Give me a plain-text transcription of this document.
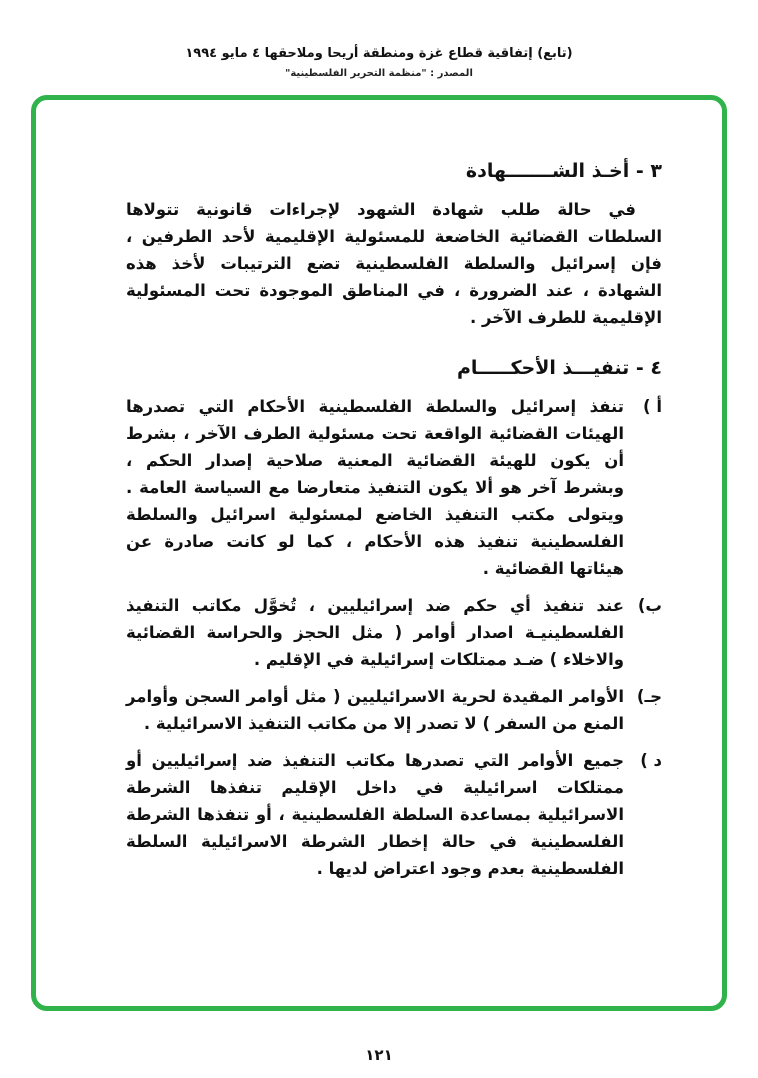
(تابع) إتفاقية قطاع غزة ومنطقة أريحا وملاحقها ٤ مايو ١٩٩٤
المصدر : "منظمة التحرير الفلسطينية"
٣ - أخـذ الشـــــــهادة

في حالة طلب شهادة الشهود لإجراءات قانونية تتولاها السلطات القضائية الخاضعة للمسئولية الإقليمية لأحد الطرفين ، فإن إسرائيل والسلطة الفلسطينية تضع الترتيبات لأخذ هذه الشهادة ، عند الضرورة ، في المناطق الموجودة تحت المسئولية الإقليمية للطرف الآخر .

٤ - تنفيـــذ الأحكـــــام
أ )
تنفذ إسرائيل والسلطة الفلسطينية الأحكام التي تصدرها الهيئات القضائية الواقعة تحت مسئولية الطرف الآخر ، بشرط أن يكون للهيئة القضائية المعنية صلاحية إصدار الحكم ، وبشرط آخر هو ألا يكون التنفيذ متعارضا مع السياسة العامة . ويتولى مكتب التنفيذ الخاضع لمسئولية اسرائيل والسلطة الفلسطينية تنفيذ هذه الأحكام ، كما لو كانت صادرة عن هيئاتها القضائية .
ب)
عند تنفيذ أي حكم ضد إسرائيليين ، تُخوَّل مكاتب التنفيذ الفلسطينيـة اصدار أوامر ( مثل الحجز والحراسة القضائية والاخلاء ) ضـد ممتلكات إسرائيلية في الإقليم .
جـ)
الأوامر المقيدة لحرية الاسرائيليين ( مثل أوامر السجن وأوامر المنع من السفر ) لا تصدر إلا من مكاتب التنفيذ الاسرائيلية .
د )
جميع الأوامر التي تصدرها مكاتب التنفيذ ضد إسرائيليين أو ممتلكات اسرائيلية في داخل الإقليم تنفذها الشرطة الاسرائيلية بمساعدة السلطة الفلسطينية ، أو تنفذها الشرطة الفلسطينية في حالة إخطار الشرطة الاسرائيلية السلطة الفلسطينية بعدم وجود اعتراض لديها .
١٢١
